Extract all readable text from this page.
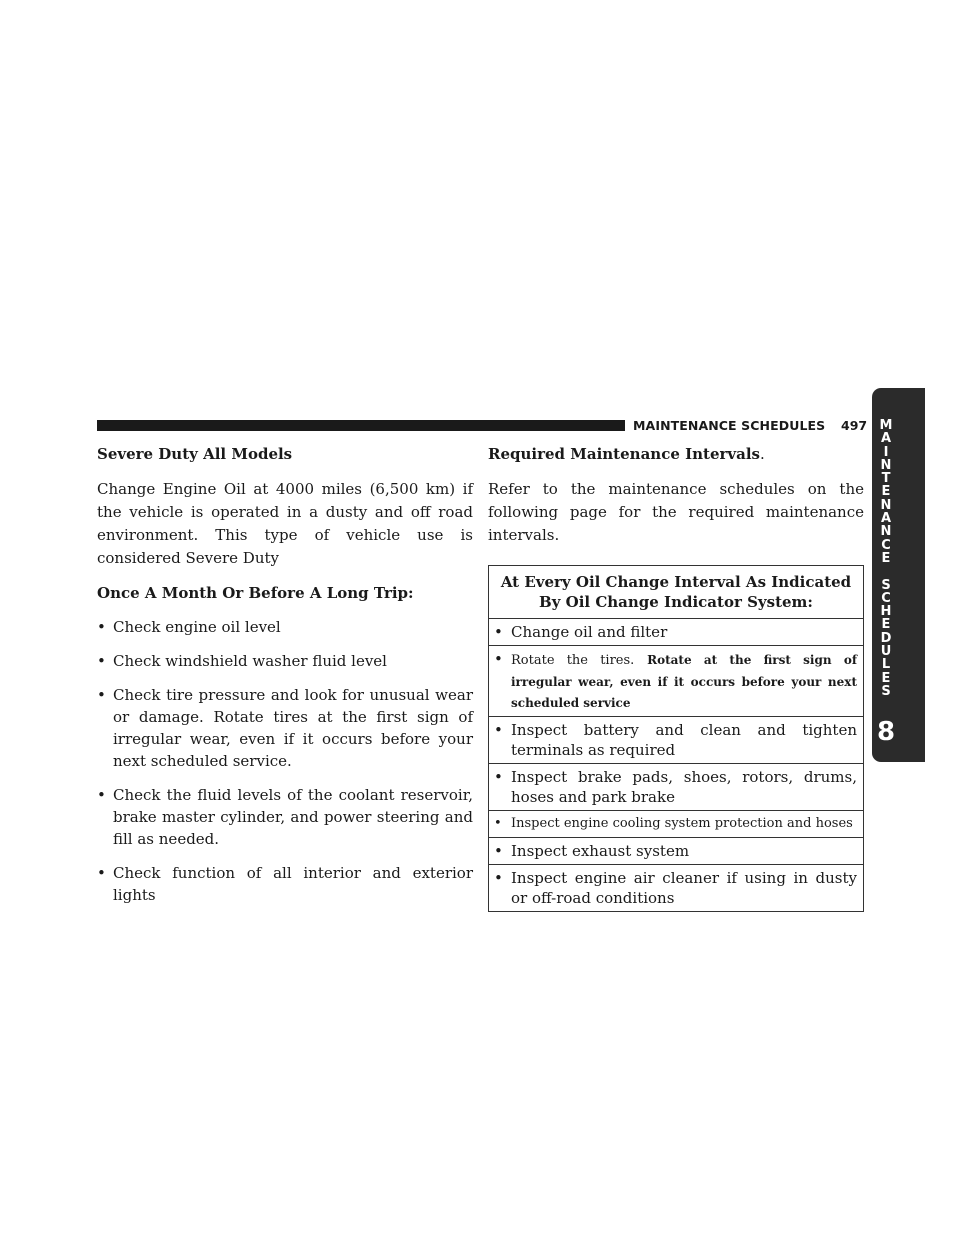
MAINTENANCE SCHEDULES 497 M
A
I
N
T
E
N
A
N
C
E

S
C
H
E
D
U
L
E
S
8

Severe Duty All Models

Change Engine Oil at 4000 miles (6,500 km) if the vehicle is operated in a dusty and off road environment. This type of vehicle use is considered Severe Duty

Once A Month Or Before A Long Trip:

• Check engine oil level
• Check windshield washer fluid level
• Check tire pressure and look for unusual wear or damage. Rotate tires at the first sign of irregular wear, even if it occurs before your next scheduled service.
• Check the fluid levels of the coolant reservoir, brake master cylinder, and power steering and fill as needed.
• Check function of all interior and exterior lights

Required Maintenance Intervals.

Refer to the maintenance schedules on the following page for the required maintenance intervals.

At Every Oil Change Interval As Indicated By Oil Change Indicator System:

• Change oil and filter

• Rotate the tires. Rotate at the first sign of irregular wear, even if it occurs before your next scheduled service

• Inspect battery and clean and tighten terminals as required

• Inspect brake pads, shoes, rotors, drums, hoses and park brake

• Inspect engine cooling system protection and hoses

• Inspect exhaust system

• Inspect engine air cleaner if using in dusty or off-road conditions
